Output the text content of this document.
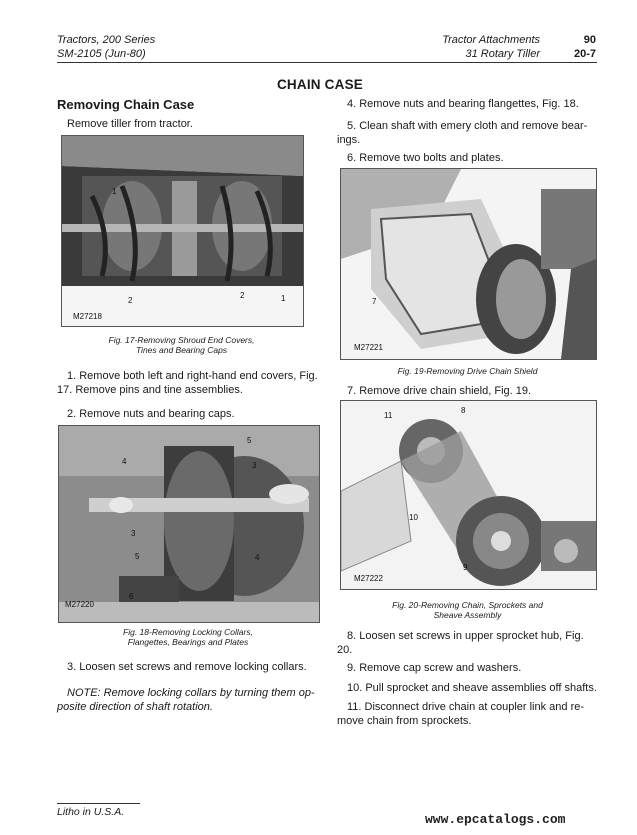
Tractors, 200 Series
SM-2105 (Jun-80)
Tractor Attachments	90
31 Rotary Tiller	20-7
CHAIN CASE
Removing Chain Case
Remove tiller from tractor.
M27218
1
1
2
2	1
Fig. 17-Removing Shroud End Covers,
Tines and Bearing Caps
1. Remove both left and right-hand end covers, Fig.
17. Remove pins and tine assemblies.
2. Remove nuts and bearing caps.
5
4	3
3
5
6
4
M27220
Fig. 18-Removing Locking Collars,
Flangettes, Bearings and Plates
3. Loosen set screws and remove locking collars.
NOTE: Remove locking collars by turning them op-
posite direction of shaft rotation.
4. Remove nuts and bearing flangettes, Fig. 18.
5. Clean shaft with emery cloth and remove bear-
ings.
6. Remove two bolts and plates.
7
M27221
Fig. 19-Removing Drive Chain Shield
7. Remove drive chain shield, Fig. 19.
11
8
10
9
M27222
Fig. 20-Removing Chain, Sprockets and
Sheave Assembly
8. Loosen set screws in upper sprocket hub, Fig.
20.
9. Remove cap screw and washers.
10. Pull sprocket and sheave assemblies off shafts.
11. Disconnect drive chain at coupler link and re-
move chain from sprockets.
Litho in U.S.A.	www.epcatalogs.com
